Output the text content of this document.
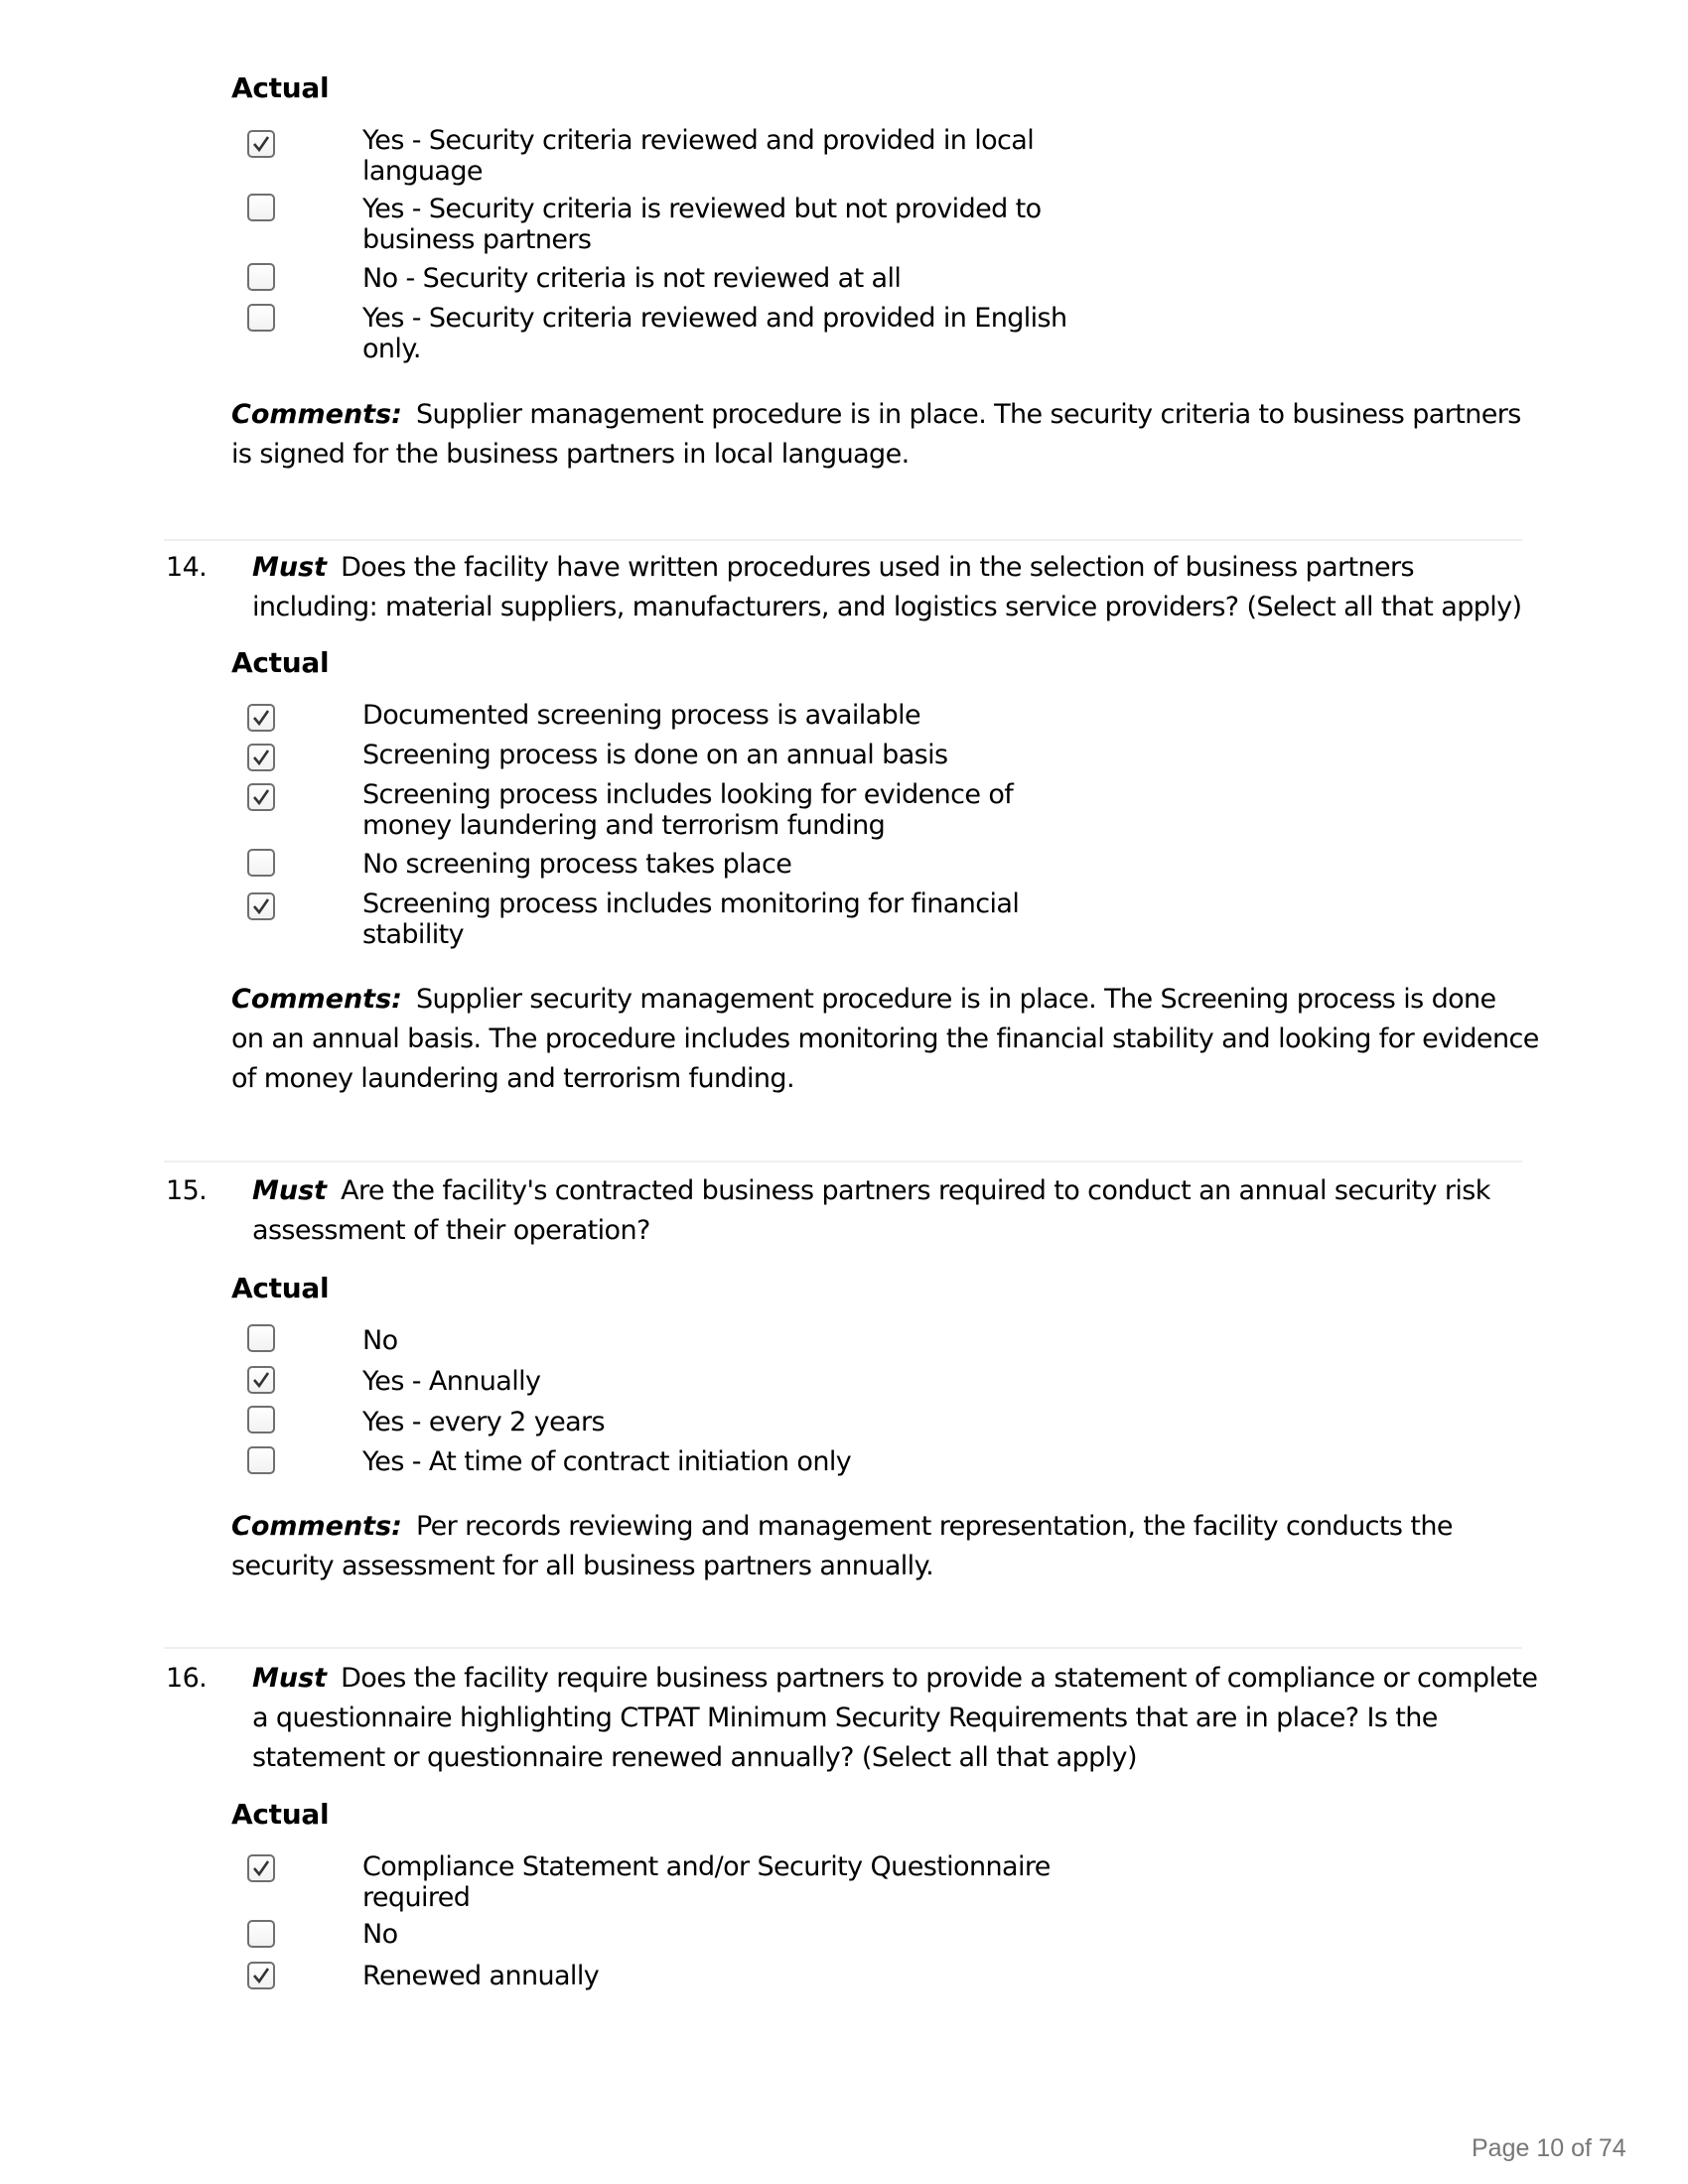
Actual
Yes - Security criteria reviewed and provided in local
language
Yes - Security criteria is reviewed but not provided to
business partners
No - Security criteria is not reviewed at all
Yes - Security criteria reviewed and provided in English
only.
Comments: Supplier management procedure is in place. The security criteria to business partners
is signed for the business partners in local language.
14. Must Does the facility have written procedures used in the selection of business partners
including: material suppliers, manufacturers, and logistics service providers? (Select all that apply)
Actual
Documented screening process is available
Screening process is done on an annual basis
Screening process includes looking for evidence of
money laundering and terrorism funding
No screening process takes place
Screening process includes monitoring for financial
stability
Comments: Supplier security management procedure is in place. The Screening process is done
on an annual basis. The procedure includes monitoring the financial stability and looking for evidence
of money laundering and terrorism funding.
15. Must Are the facility's contracted business partners required to conduct an annual security risk
assessment of their operation?
Actual
No
Yes - Annually
Yes - every 2 years
Yes - At time of contract initiation only
Comments: Per records reviewing and management representation, the facility conducts the
security assessment for all business partners annually.
16. Must Does the facility require business partners to provide a statement of compliance or complete
a questionnaire highlighting CTPAT Minimum Security Requirements that are in place? Is the
statement or questionnaire renewed annually? (Select all that apply)
Actual
Compliance Statement and/or Security Questionnaire
required
No
Renewed annually
Page 10 of 74
